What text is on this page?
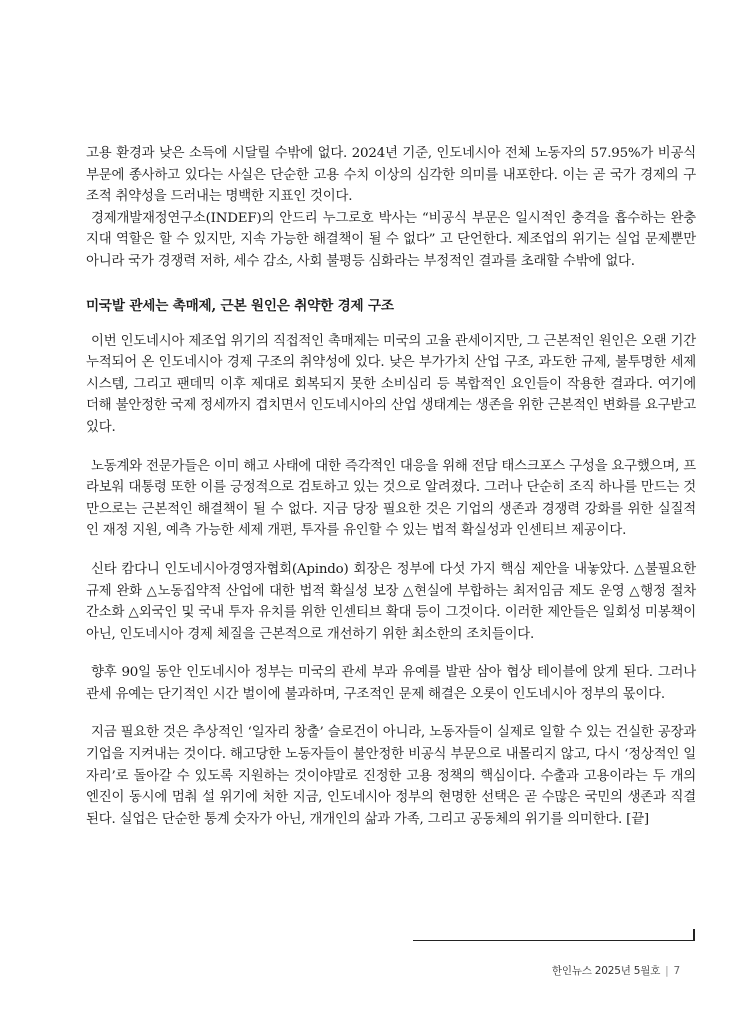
고용 환경과 낮은 소득에 시달릴 수밖에 없다. 2024년 기준, 인도네시아 전체 노동자의 57.95%가 비공식 부문에 종사하고 있다는 사실은 단순한 고용 수치 이상의 심각한 의미를 내포한다. 이는 곧 국가 경제의 구조적 취약성을 드러내는 명백한 지표인 것이다.

경제개발재정연구소(INDEF)의 안드리 누그로호 박사는 “비공식 부문은 일시적인 충격을 흡수하는 완충지대 역할은 할 수 있지만, 지속 가능한 해결책이 될 수 없다” 고 단언한다. 제조업의 위기는 실업 문제뿐만 아니라 국가 경쟁력 저하, 세수 감소, 사회 불평등 심화라는 부정적인 결과를 초래할 수밖에 없다.

미국발 관세는 촉매제, 근본 원인은 취약한 경제 구조

이번 인도네시아 제조업 위기의 직접적인 촉매제는 미국의 고율 관세이지만, 그 근본적인 원인은 오랜 기간 누적되어 온 인도네시아 경제 구조의 취약성에 있다. 낮은 부가가치 산업 구조, 과도한 규제, 불투명한 세제 시스템, 그리고 팬데믹 이후 제대로 회복되지 못한 소비심리 등 복합적인 요인들이 작용한 결과다. 여기에 더해 불안정한 국제 정세까지 겹치면서 인도네시아의 산업 생태계는 생존을 위한 근본적인 변화를 요구받고 있다.

노동계와 전문가들은 이미 해고 사태에 대한 즉각적인 대응을 위해 전담 태스크포스 구성을 요구했으며, 프라보워 대통령 또한 이를 긍정적으로 검토하고 있는 것으로 알려졌다. 그러나 단순히 조직 하나를 만드는 것만으로는 근본적인 해결책이 될 수 없다. 지금 당장 필요한 것은 기업의 생존과 경쟁력 강화를 위한 실질적인 재정 지원, 예측 가능한 세제 개편, 투자를 유인할 수 있는 법적 확실성과 인센티브 제공이다.

신타 캄다니 인도네시아경영자협회(Apindo) 회장은 정부에 다섯 가지 핵심 제안을 내놓았다. △불필요한 규제 완화 △노동집약적 산업에 대한 법적 확실성 보장 △현실에 부합하는 최저임금 제도 운영 △행정 절차 간소화 △외국인 및 국내 투자 유치를 위한 인센티브 확대 등이 그것이다. 이러한 제안들은 일회성 미봉책이 아닌, 인도네시아 경제 체질을 근본적으로 개선하기 위한 최소한의 조치들이다.

향후 90일 동안 인도네시아 정부는 미국의 관세 부과 유예를 발판 삼아 협상 테이블에 앉게 된다. 그러나 관세 유예는 단기적인 시간 벌이에 불과하며, 구조적인 문제 해결은 오롯이 인도네시아 정부의 몫이다.

지금 필요한 것은 추상적인 ‘일자리 창출’ 슬로건이 아니라, 노동자들이 실제로 일할 수 있는 건실한 공장과 기업을 지켜내는 것이다. 해고당한 노동자들이 불안정한 비공식 부문으로 내몰리지 않고, 다시 ‘정상적인 일자리’로 돌아갈 수 있도록 지원하는 것이야말로 진정한 고용 정책의 핵심이다. 수출과 고용이라는 두 개의 엔진이 동시에 멈춰 설 위기에 처한 지금, 인도네시아 정부의 현명한 선택은 곧 수많은 국민의 생존과 직결된다. 실업은 단순한 통계 숫자가 아닌, 개개인의 삶과 가족, 그리고 공동체의 위기를 의미한다. [끝]

한인뉴스 2025년 5월호 | 7
